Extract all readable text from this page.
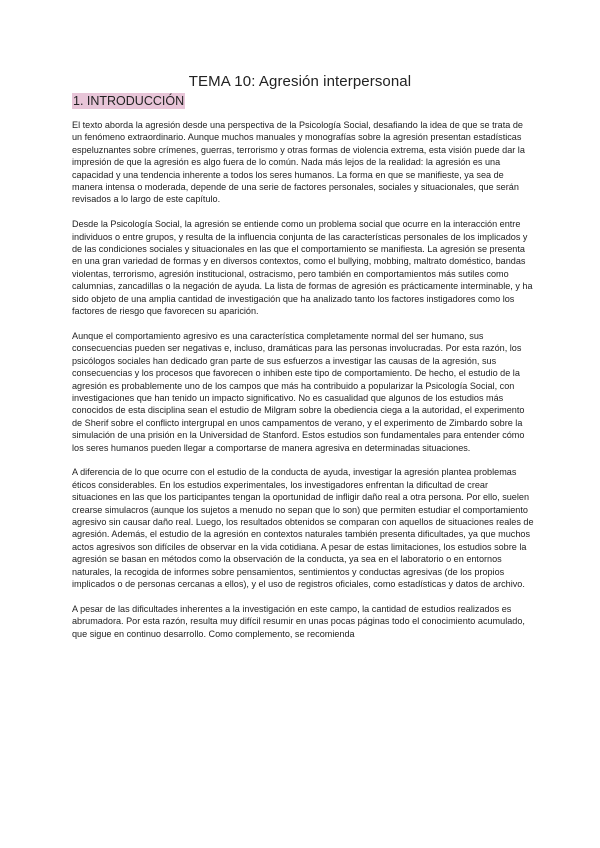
TEMA 10: Agresión interpersonal
1. INTRODUCCIÓN

El texto aborda la agresión desde una perspectiva de la Psicología Social, desafiando la idea de que se trata de un fenómeno extraordinario. Aunque muchos manuales y monografías sobre la agresión presentan estadísticas espeluznantes sobre crímenes, guerras, terrorismo y otras formas de violencia extrema, esta visión puede dar la impresión de que la agresión es algo fuera de lo común. Nada más lejos de la realidad: la agresión es una capacidad y una tendencia inherente a todos los seres humanos. La forma en que se manifieste, ya sea de manera intensa o moderada, depende de una serie de factores personales, sociales y situacionales, que serán revisados a lo largo de este capítulo.

Desde la Psicología Social, la agresión se entiende como un problema social que ocurre en la interacción entre individuos o entre grupos, y resulta de la influencia conjunta de las características personales de los implicados y de las condiciones sociales y situacionales en las que el comportamiento se manifiesta. La agresión se presenta en una gran variedad de formas y en diversos contextos, como el bullying, mobbing, maltrato doméstico, bandas violentas, terrorismo, agresión institucional, ostracismo, pero también en comportamientos más sutiles como calumnias, zancadillas o la negación de ayuda. La lista de formas de agresión es prácticamente interminable, y ha sido objeto de una amplia cantidad de investigación que ha analizado tanto los factores instigadores como los factores de riesgo que favorecen su aparición.

Aunque el comportamiento agresivo es una característica completamente normal del ser humano, sus consecuencias pueden ser negativas e, incluso, dramáticas para las personas involucradas. Por esta razón, los psicólogos sociales han dedicado gran parte de sus esfuerzos a investigar las causas de la agresión, sus consecuencias y los procesos que favorecen o inhiben este tipo de comportamiento. De hecho, el estudio de la agresión es probablemente uno de los campos que más ha contribuido a popularizar la Psicología Social, con investigaciones que han tenido un impacto significativo. No es casualidad que algunos de los estudios más conocidos de esta disciplina sean el estudio de Milgram sobre la obediencia ciega a la autoridad, el experimento de Sherif sobre el conflicto intergrupal en unos campamentos de verano, y el experimento de Zimbardo sobre la simulación de una prisión en la Universidad de Stanford. Estos estudios son fundamentales para entender cómo los seres humanos pueden llegar a comportarse de manera agresiva en determinadas situaciones.

A diferencia de lo que ocurre con el estudio de la conducta de ayuda, investigar la agresión plantea problemas éticos considerables. En los estudios experimentales, los investigadores enfrentan la dificultad de crear situaciones en las que los participantes tengan la oportunidad de infligir daño real a otra persona. Por ello, suelen crearse simulacros (aunque los sujetos a menudo no sepan que lo son) que permiten estudiar el comportamiento agresivo sin causar daño real. Luego, los resultados obtenidos se comparan con aquellos de situaciones reales de agresión. Además, el estudio de la agresión en contextos naturales también presenta dificultades, ya que muchos actos agresivos son difíciles de observar en la vida cotidiana. A pesar de estas limitaciones, los estudios sobre la agresión se basan en métodos como la observación de la conducta, ya sea en el laboratorio o en entornos naturales, la recogida de informes sobre pensamientos, sentimientos y conductas agresivas (de los propios implicados o de personas cercanas a ellos), y el uso de registros oficiales, como estadísticas y datos de archivo.

A pesar de las dificultades inherentes a la investigación en este campo, la cantidad de estudios realizados es abrumadora. Por esta razón, resulta muy difícil resumir en unas pocas páginas todo el conocimiento acumulado, que sigue en continuo desarrollo. Como complemento, se recomienda
